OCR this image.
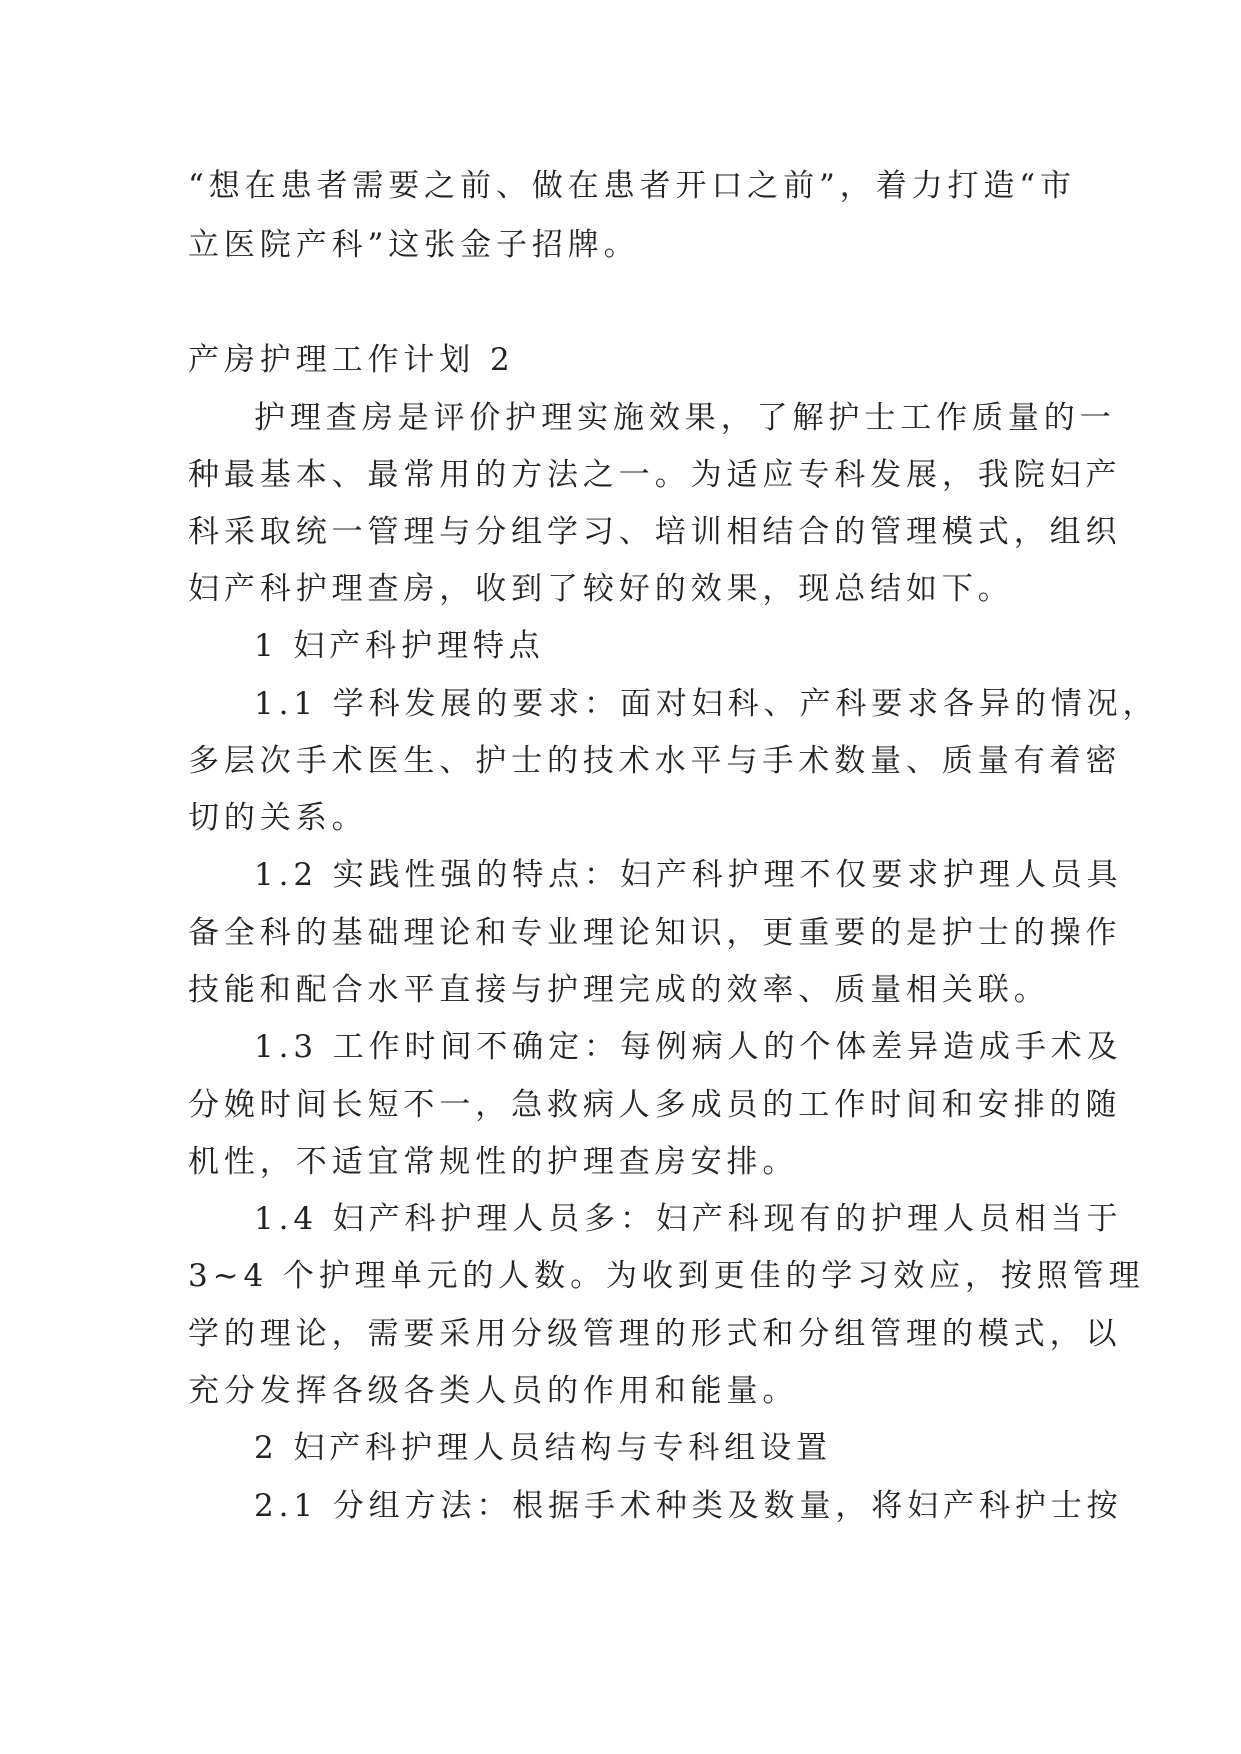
“想在患者需要之前、做在患者开口之前”，着力打造“市
立医院产科”这张金子招牌。
产房护理工作计划 2
护理查房是评价护理实施效果，了解护士工作质量的一
种最基本、最常用的方法之一。为适应专科发展，我院妇产
科采取统一管理与分组学习、培训相结合的管理模式，组织
妇产科护理查房，收到了较好的效果，现总结如下。
1 妇产科护理特点
1.1 学科发展的要求：面对妇科、产科要求各异的情况，
多层次手术医生、护士的技术水平与手术数量、质量有着密
切的关系。
1.2 实践性强的特点：妇产科护理不仅要求护理人员具
备全科的基础理论和专业理论知识，更重要的是护士的操作
技能和配合水平直接与护理完成的效率、质量相关联。
1.3 工作时间不确定：每例病人的个体差异造成手术及
分娩时间长短不一，急救病人多成员的工作时间和安排的随
机性，不适宜常规性的护理查房安排。
1.4 妇产科护理人员多：妇产科现有的护理人员相当于
3~4 个护理单元的人数。为收到更佳的学习效应，按照管理
学的理论，需要采用分级管理的形式和分组管理的模式，以
充分发挥各级各类人员的作用和能量。
2 妇产科护理人员结构与专科组设置
2.1 分组方法：根据手术种类及数量，将妇产科护士按
